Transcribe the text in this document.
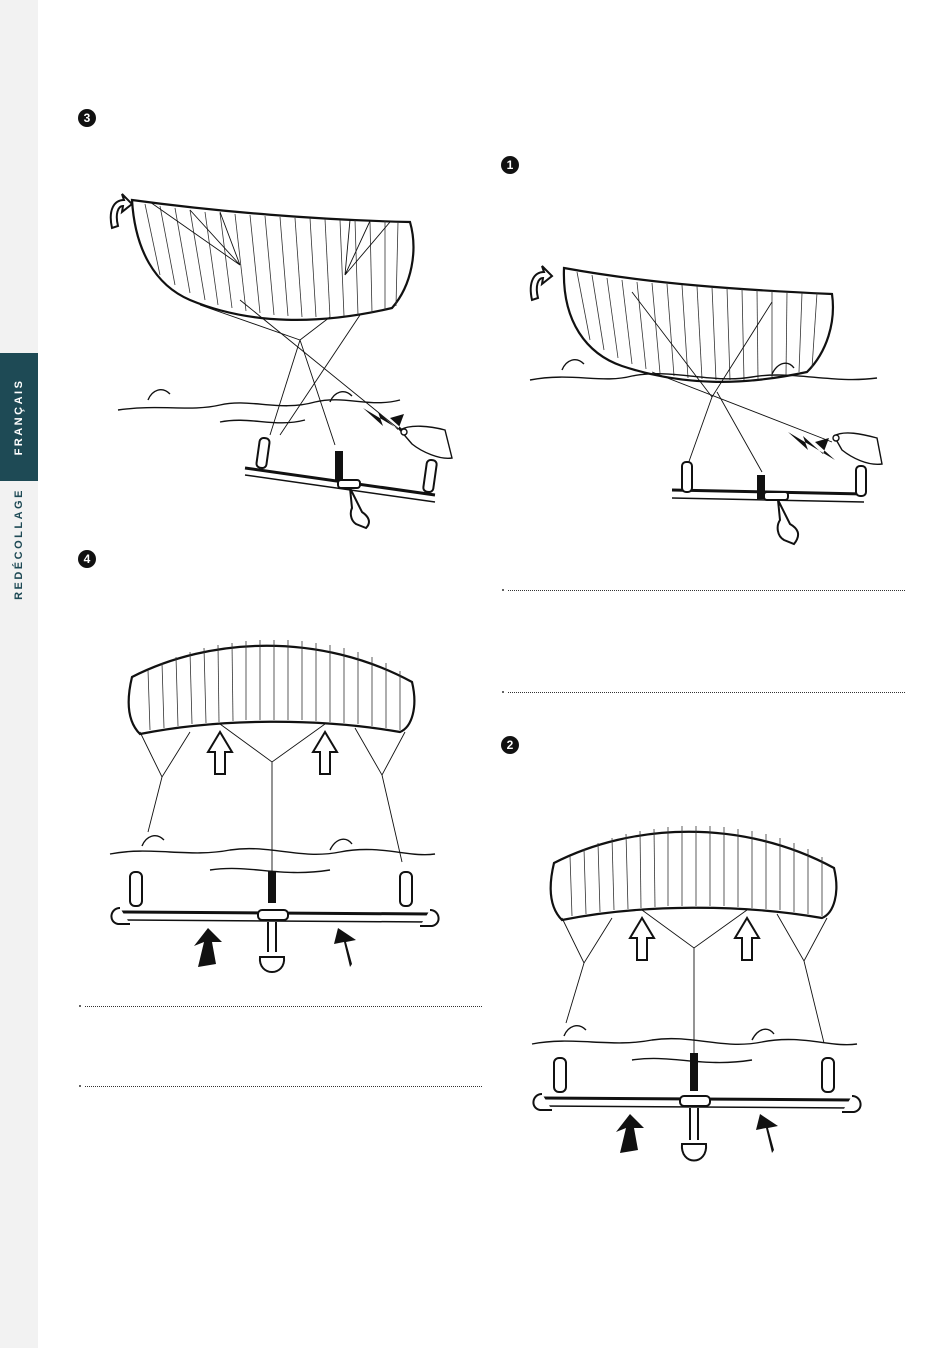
FRANÇAIS
REDÉCOLLAGE
3
1
4
2
